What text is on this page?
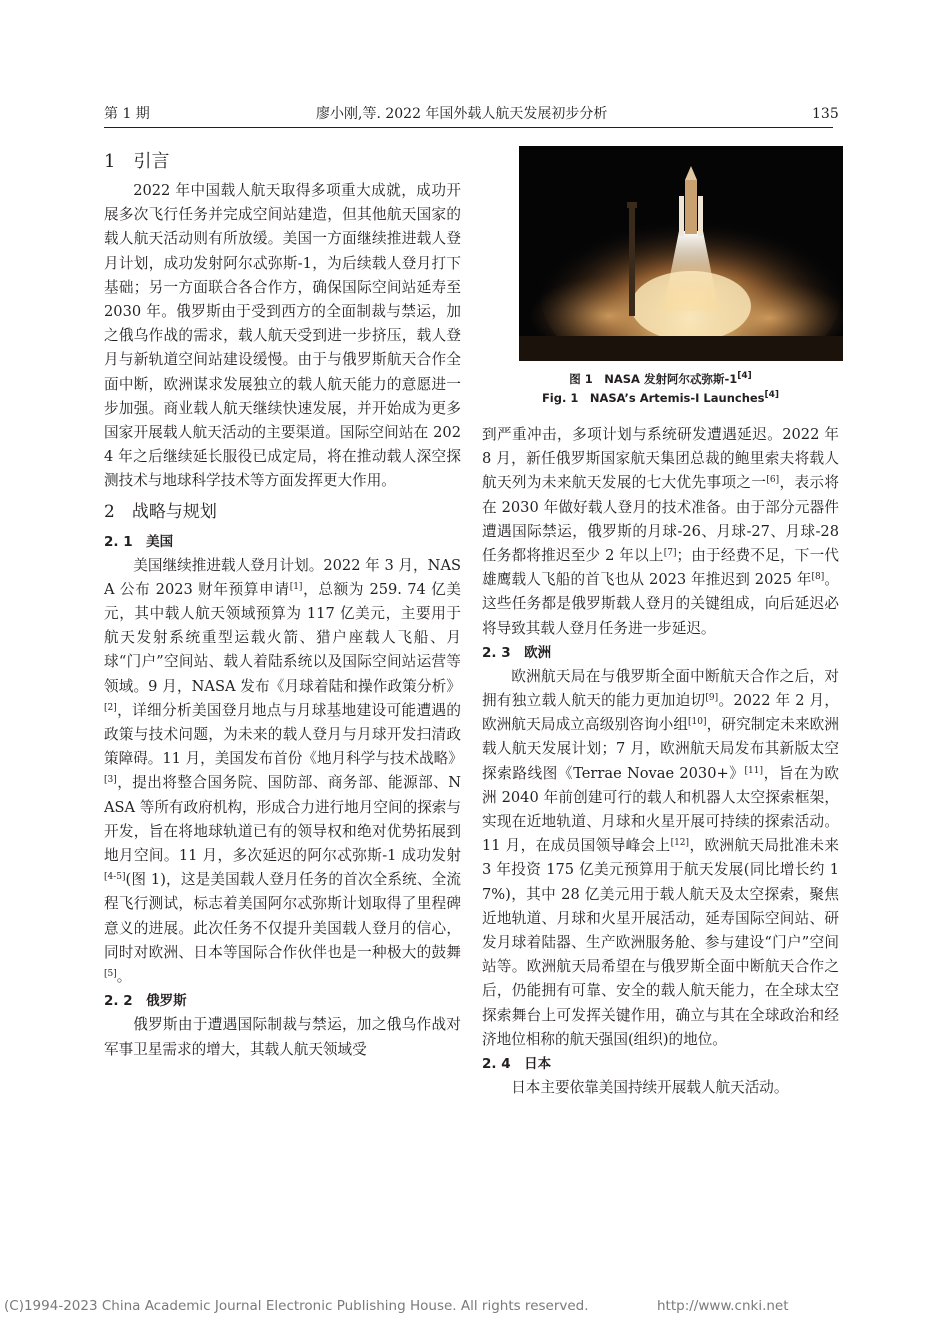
第 1 期	廖小刚,等. 2022 年国外载人航天发展初步分析	135
1　引言

2022 年中国载人航天取得多项重大成就，成功开展多次飞行任务并完成空间站建造，但其他航天国家的载人航天活动则有所放缓。美国一方面继续推进载人登月计划，成功发射阿尔忒弥斯-1，为后续载人登月打下基础；另一方面联合各合作方，确保国际空间站延寿至 2030 年。俄罗斯由于受到西方的全面制裁与禁运，加之俄乌作战的需求，载人航天受到进一步挤压，载人登月与新轨道空间站建设缓慢。由于与俄罗斯航天合作全面中断，欧洲谋求发展独立的载人航天能力的意愿进一步加强。商业载人航天继续快速发展，并开始成为更多国家开展载人航天活动的主要渠道。国际空间站在 2024 年之后继续延长服役已成定局，将在推动载人深空探测技术与地球科学技术等方面发挥更大作用。

2　战略与规划
2. 1　美国

美国继续推进载人登月计划。2022 年 3 月，NASA 公布 2023 财年预算申请[1]，总额为 259. 74 亿美元，其中载人航天领域预算为 117 亿美元，主要用于航天发射系统重型运载火箭、猎户座载人飞船、月球“门户”空间站、载人着陆系统以及国际空间站运营等领域。9 月，NASA 发布《月球着陆和操作政策分析》[2]，详细分析美国登月地点与月球基地建设可能遭遇的政策与技术问题，为未来的载人登月与月球开发扫清政策障碍。11 月，美国发布首份《地月科学与技术战略》[3]，提出将整合国务院、国防部、商务部、能源部、NASA 等所有政府机构，形成合力进行地月空间的探索与开发，旨在将地球轨道已有的领导权和绝对优势拓展到地月空间。11 月，多次延迟的阿尔忒弥斯-1 成功发射[4-5](图 1)，这是美国载人登月任务的首次全系统、全流程飞行测试，标志着美国阿尔忒弥斯计划取得了里程碑意义的进展。此次任务不仅提升美国载人登月的信心，同时对欧洲、日本等国际合作伙伴也是一种极大的鼓舞[5]。

2. 2　俄罗斯

俄罗斯由于遭遇国际制裁与禁运，加之俄乌作战对军事卫星需求的增大，其载人航天领域受

图 1　NASA 发射阿尔忒弥斯-1[4]
Fig. 1　NASA’s Artemis-I Launches[4]

到严重冲击，多项计划与系统研发遭遇延迟。2022 年 8 月，新任俄罗斯国家航天集团总裁的鲍里索夫将载人航天列为未来航天发展的七大优先事项之一[6]，表示将在 2030 年做好载人登月的技术准备。由于部分元器件遭遇国际禁运，俄罗斯的月球-26、月球-27、月球-28 任务都将推迟至少 2 年以上[7]；由于经费不足，下一代雄鹰载人飞船的首飞也从 2023 年推迟到 2025 年[8]。这些任务都是俄罗斯载人登月的关键组成，向后延迟必将导致其载人登月任务进一步延迟。

2. 3　欧洲

欧洲航天局在与俄罗斯全面中断航天合作之后，对拥有独立载人航天的能力更加迫切[9]。2022 年 2 月，欧洲航天局成立高级别咨询小组[10]，研究制定未来欧洲载人航天发展计划；7 月，欧洲航天局发布其新版太空探索路线图《Terrae Novae 2030+》[11]，旨在为欧洲 2040 年前创建可行的载人和机器人太空探索框架，实现在近地轨道、月球和火星开展可持续的探索活动。11 月，在成员国领导峰会上[12]，欧洲航天局批准未来 3 年投资 175 亿美元预算用于航天发展(同比增长约 17%)，其中 28 亿美元用于载人航天及太空探索，聚焦近地轨道、月球和火星开展活动，延寿国际空间站、研发月球着陆器、生产欧洲服务舱、参与建设“门户”空间站等。欧洲航天局希望在与俄罗斯全面中断航天合作之后，仍能拥有可靠、安全的载人航天能力，在全球太空探索舞台上可发挥关键作用，确立与其在全球政治和经济地位相称的航天强国(组织)的地位。

2. 4　日本

日本主要依靠美国持续开展载人航天活动。

(C)1994-2023 China Academic Journal Electronic Publishing House. All rights reserved.	http://www.cnki.net
